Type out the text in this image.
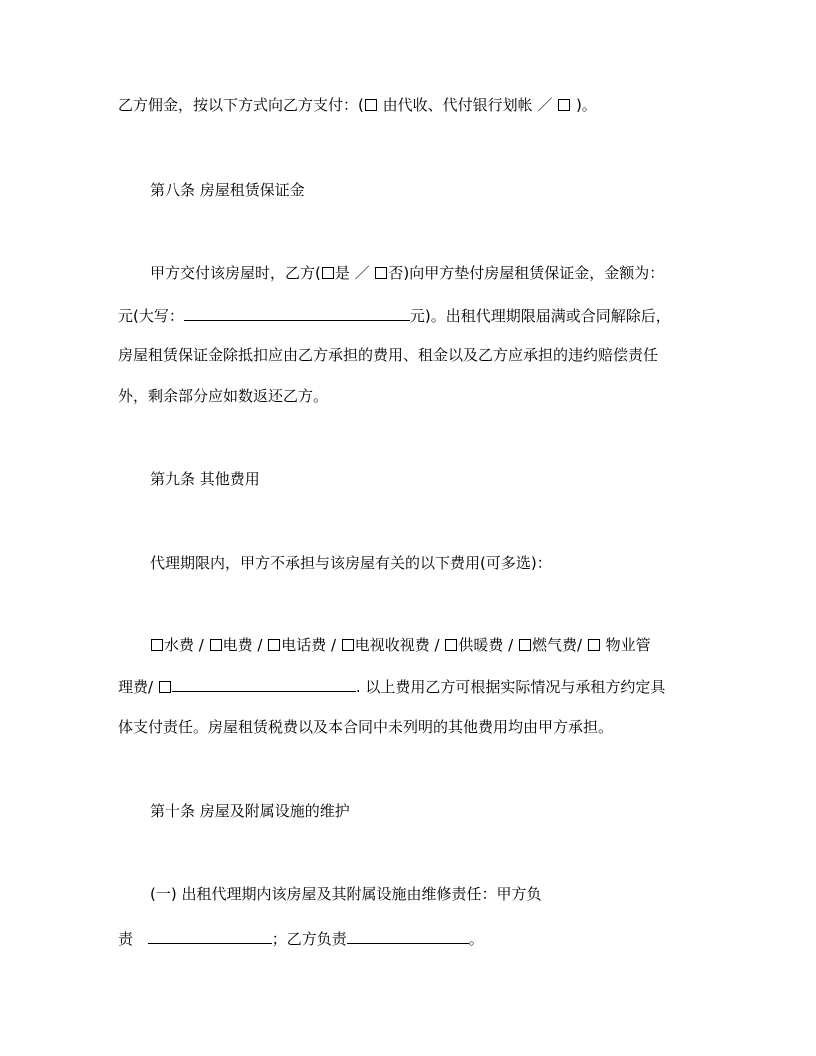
乙方佣金，按以下方式向乙方支付：( 由代收、代付银行划帐 ／  )。
第八条 房屋租赁保证金
甲方交付该房屋时，乙方( 是 ／ 否)向甲方垫付房屋租赁保证金，金额为：
元(大写：	元)。出租代理期限届满或合同解除后，
房屋租赁保证金除抵扣应由乙方承担的费用、租金以及乙方应承担的违约赔偿责任
外，剩余部分应如数返还乙方。
第九条 其他费用
代理期限内，甲方不承担与该房屋有关的以下费用(可多选)：
水费 / 电费 / 电话费 / 电视收视费 / 供暖费 / 燃气费/  物业管
理费/	. 以上费用乙方可根据实际情况与承租方约定具
体支付责任。房屋租赁税费以及本合同中未列明的其他费用均由甲方承担。
第十条 房屋及附属设施的维护
(一) 出租代理期内该房屋及其附属设施由维修责任：甲方负
责	；乙方负责	。
